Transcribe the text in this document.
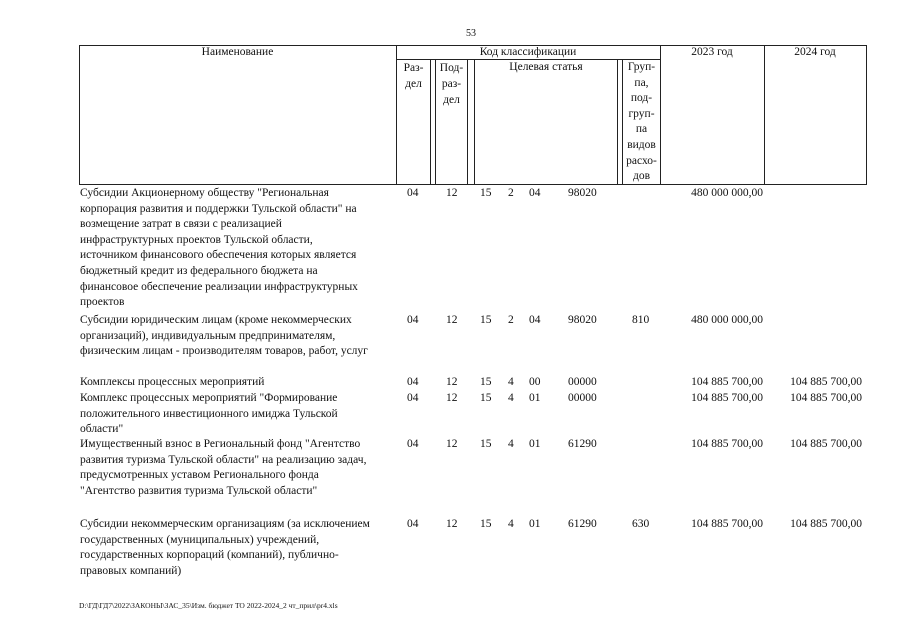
53
Наименование	Код классификации	2023 год	2024 год
Раз-
дел
Под-
раз-
дел
Целевая статья	Груп-
па,
под-
груп-
па
видов
расхо-
дов
Субсидии Акционерному обществу "Региональная
корпорация развития и поддержки Тульской области" на
возмещение затрат в связи с реализацией
инфраструктурных проектов Тульской области,
источником финансового обеспечения которых является
бюджетный кредит из федерального бюджета на
финансовое обеспечение реализации инфраструктурных
проектов
04 12 15 2 04 98020	480 000 000,00
Субсидии юридическим лицам (кроме некоммерческих
организаций), индивидуальным предпринимателям,
физическим лицам - производителям товаров, работ, услуг
04 12 15 2 04 98020	810	480 000 000,00
Комплексы процессных мероприятий	04 12 15 4 00 00000	104 885 700,00	104 885 700,00
Комплекс процессных мероприятий "Формирование
положительного инвестиционного имиджа Тульской
области"
04 12 15 4 01 00000	104 885 700,00	104 885 700,00
Имущественный взнос в Региональный фонд "Агентство
развития туризма Тульской области" на реализацию задач,
предусмотренных уставом Регионального фонда
"Агентство развития туризма Тульской области"
04 12 15 4 01 61290	104 885 700,00	104 885 700,00
Субсидии некоммерческим организациям (за исключением
государственных (муниципальных) учреждений,
государственных корпораций (компаний), публично-
правовых компаний)
04 12 15 4 01 61290	630	104 885 700,00	104 885 700,00
D:\ГД\ГД7\2022\ЗАКОНЫ\ЗАС_35\Изм. бюджет ТО 2022-2024_2 чт_прил\pr4.xls
